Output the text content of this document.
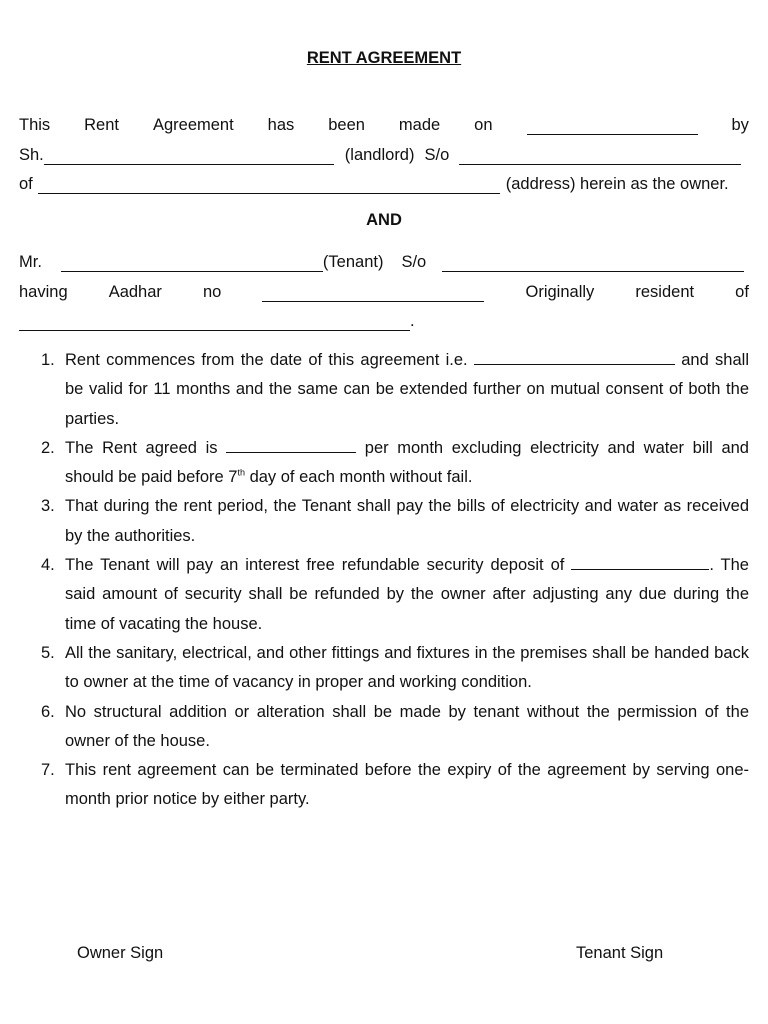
RENT AGREEMENT
This Rent Agreement has been made on	by
Sh.	(landlord) S/o
of	(address) herein as the owner.
AND
Mr.	(Tenant) S/o
having Aadhar no	Originally resident of
.
1. Rent commences from the date of this agreement i.e.	and shall be valid for 11 months and the same can be extended further on mutual consent of both the parties.
2. The Rent agreed is	per month excluding electricity and water bill and should be paid before 7th day of each month without fail.
3. That during the rent period, the Tenant shall pay the bills of electricity and water as received by the authorities.
4. The Tenant will pay an interest free refundable security deposit of	. The said amount of security shall be refunded by the owner after adjusting any due during the time of vacating the house.
5. All the sanitary, electrical, and other fittings and fixtures in the premises shall be handed back to owner at the time of vacancy in proper and working condition.
6. No structural addition or alteration shall be made by tenant without the permission of the owner of the house.
7. This rent agreement can be terminated before the expiry of the agreement by serving one-month prior notice by either party.
Owner Sign	Tenant Sign
